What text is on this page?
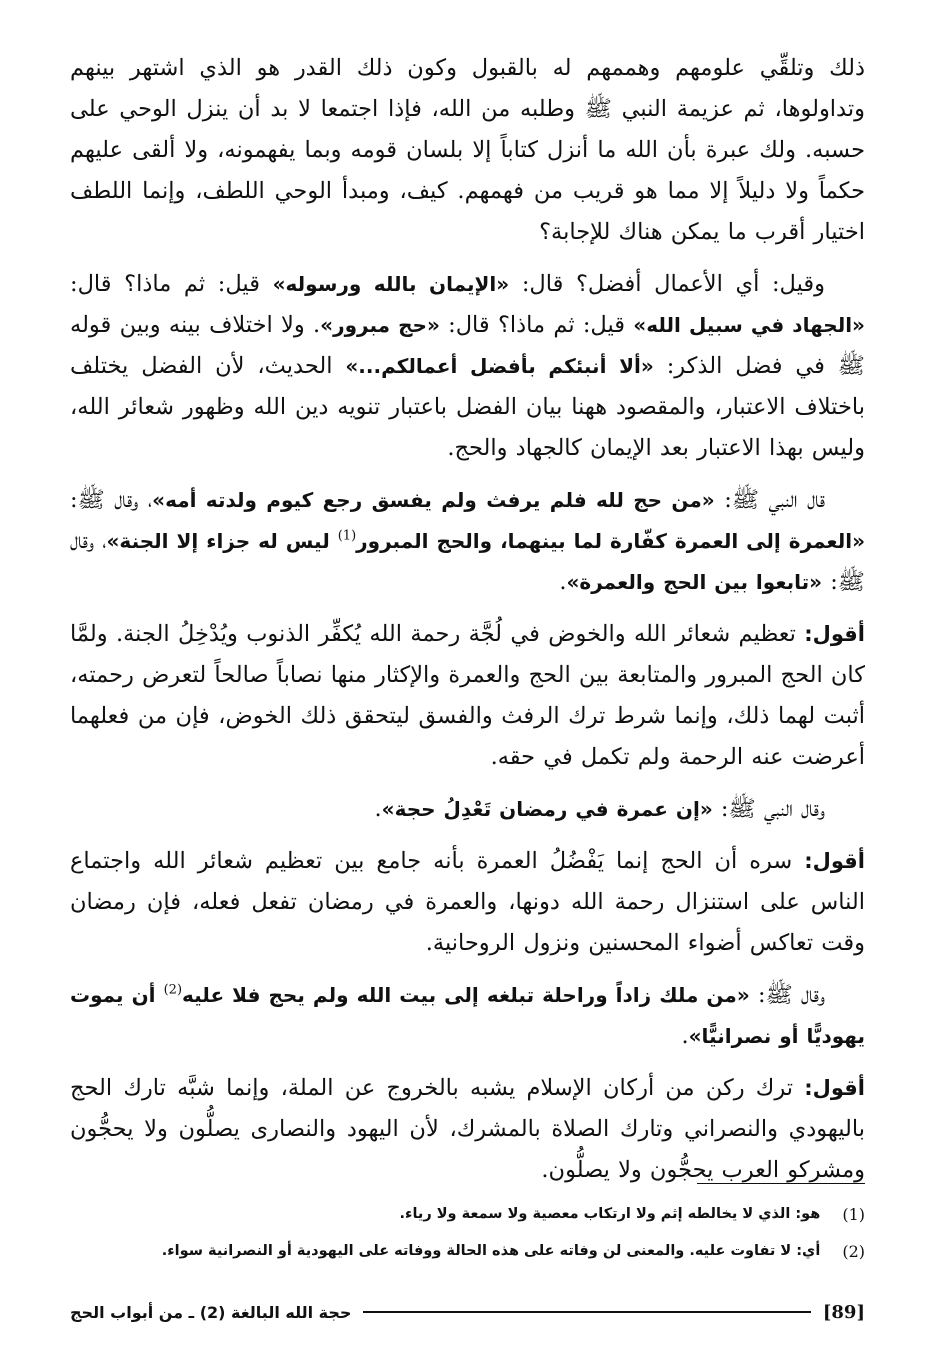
ذلك وتلقِّي علومهم وهممهم له بالقبول وكون ذلك القدر هو الذي اشتهر بينهم وتداولوها، ثم عزيمة النبي ﷺ وطلبه من الله، فإذا اجتمعا لا بد أن ينزل الوحي على حسبه. ولك عبرة بأن الله ما أنزل كتاباً إلا بلسان قومه وبما يفهمونه، ولا ألقى عليهم حكماً ولا دليلاً إلا مما هو قريب من فهمهم. كيف، ومبدأ الوحي اللطف، وإنما اللطف اختيار أقرب ما يمكن هناك للإجابة؟

وقيل: أي الأعمال أفضل؟ قال: «الإيمان بالله ورسوله» قيل: ثم ماذا؟ قال: «الجهاد في سبيل الله» قيل: ثم ماذا؟ قال: «حج مبرور». ولا اختلاف بينه وبين قوله ﷺ في فضل الذكر: «ألا أنبئكم بأفضل أعمالكم...» الحديث، لأن الفضل يختلف باختلاف الاعتبار، والمقصود ههنا بيان الفضل باعتبار تنويه دين الله وظهور شعائر الله، وليس بهذا الاعتبار بعد الإيمان كالجهاد والحج.

قال النبي ﷺ: «من حج لله فلم يرفث ولم يفسق رجع كيوم ولدته أمه»، وقال ﷺ: «العمرة إلى العمرة كفّارة لما بينهما، والحج المبرور$^{(1)}$ ليس له جزاء إلا الجنة»، وقال ﷺ: «تابعوا بين الحج والعمرة».

أقول: تعظيم شعائر الله والخوض في لُجَّة رحمة الله يُكفِّر الذنوب ويُدْخِلُ الجنة. ولمَّا كان الحج المبرور والمتابعة بين الحج والعمرة والإكثار منها نصاباً صالحاً لتعرض رحمته، أثبت لهما ذلك، وإنما شرط ترك الرفث والفسق ليتحقق ذلك الخوض، فإن من فعلهما أعرضت عنه الرحمة ولم تكمل في حقه.

وقال النبي ﷺ: «إن عمرة في رمضان تَعْدِلُ حجة».

أقول: سره أن الحج إنما يَفْضُلُ العمرة بأنه جامع بين تعظيم شعائر الله واجتماع الناس على استنزال رحمة الله دونها، والعمرة في رمضان تفعل فعله، فإن رمضان وقت تعاكس أضواء المحسنين ونزول الروحانية.

وقال ﷺ: «من ملك زاداً وراحلة تبلغه إلى بيت الله ولم يحج فلا عليه$^{(2)}$ أن يموت يهوديًّا أو نصرانيًّا».

أقول: ترك ركن من أركان الإسلام يشبه بالخروج عن الملة، وإنما شبَّه تارك الحج باليهودي والنصراني وتارك الصلاة بالمشرك، لأن اليهود والنصارى يصلُّون ولا يحجُّون ومشركو العرب يحجُّون ولا يصلُّون.

(1)
هو: الذي لا يخالطه إثم ولا ارتكاب معصية ولا سمعة ولا رياء.
(2)
أي: لا تفاوت عليه. والمعنى لن وفاته على هذه الحالة ووفاته على اليهودية أو النصرانية سواء.
[89]
حجة الله البالغة (2) ـ من أبواب الحج
